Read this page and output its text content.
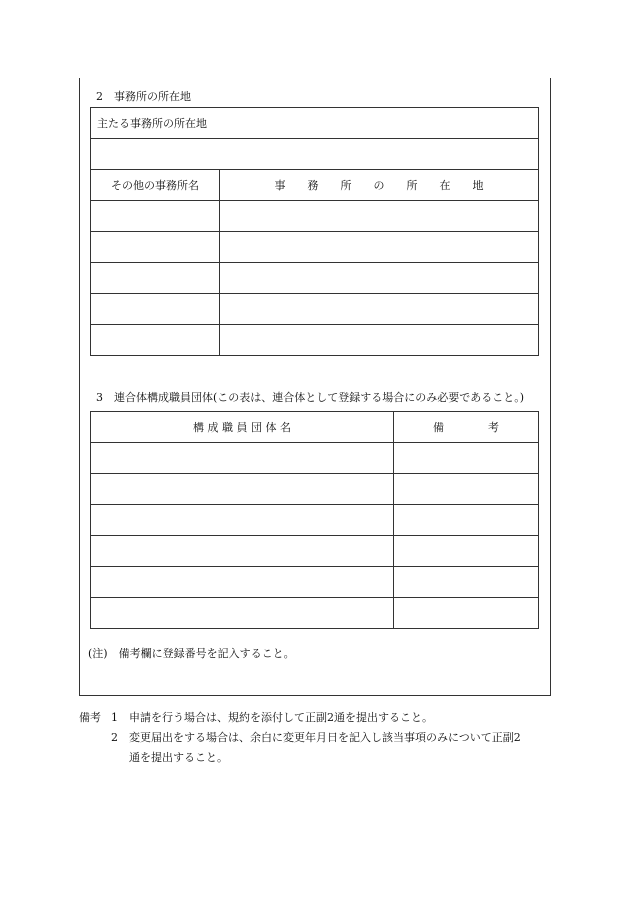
2　事務所の所在地
主たる事務所の所在地	

その他の事務所名	事　　務　　所　　の　　所　　在　　地

3　連合体構成職員団体(この表は、連合体として登録する場合にのみ必要であること。)
構 成 職 員 団 体 名	備　　　　考

(注)　備考欄に登録番号を記入すること。
備考 1	申請を行う場合は、規約を添付して正副2通を提出すること。
2	変更届出をする場合は、余白に変更年月日を記入し該当事項のみについて正副2
通を提出すること。
